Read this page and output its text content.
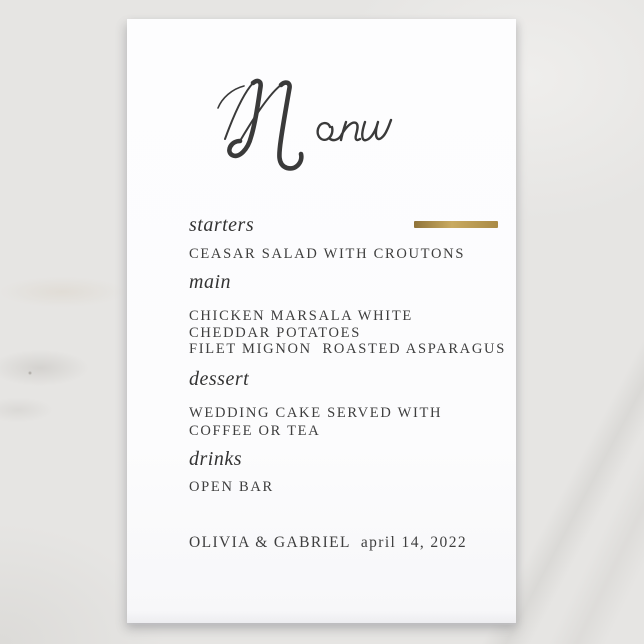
starters
CEASAR SALAD WITH CROUTONS
main
CHICKEN MARSALA WHITE
CHEDDAR POTATOES
FILET MIGNON  ROASTED ASPARAGUS
dessert
WEDDING CAKE SERVED WITH
COFFEE OR TEA
drinks
OPEN BAR
OLIVIA & GABRIEL  april 14, 2022
